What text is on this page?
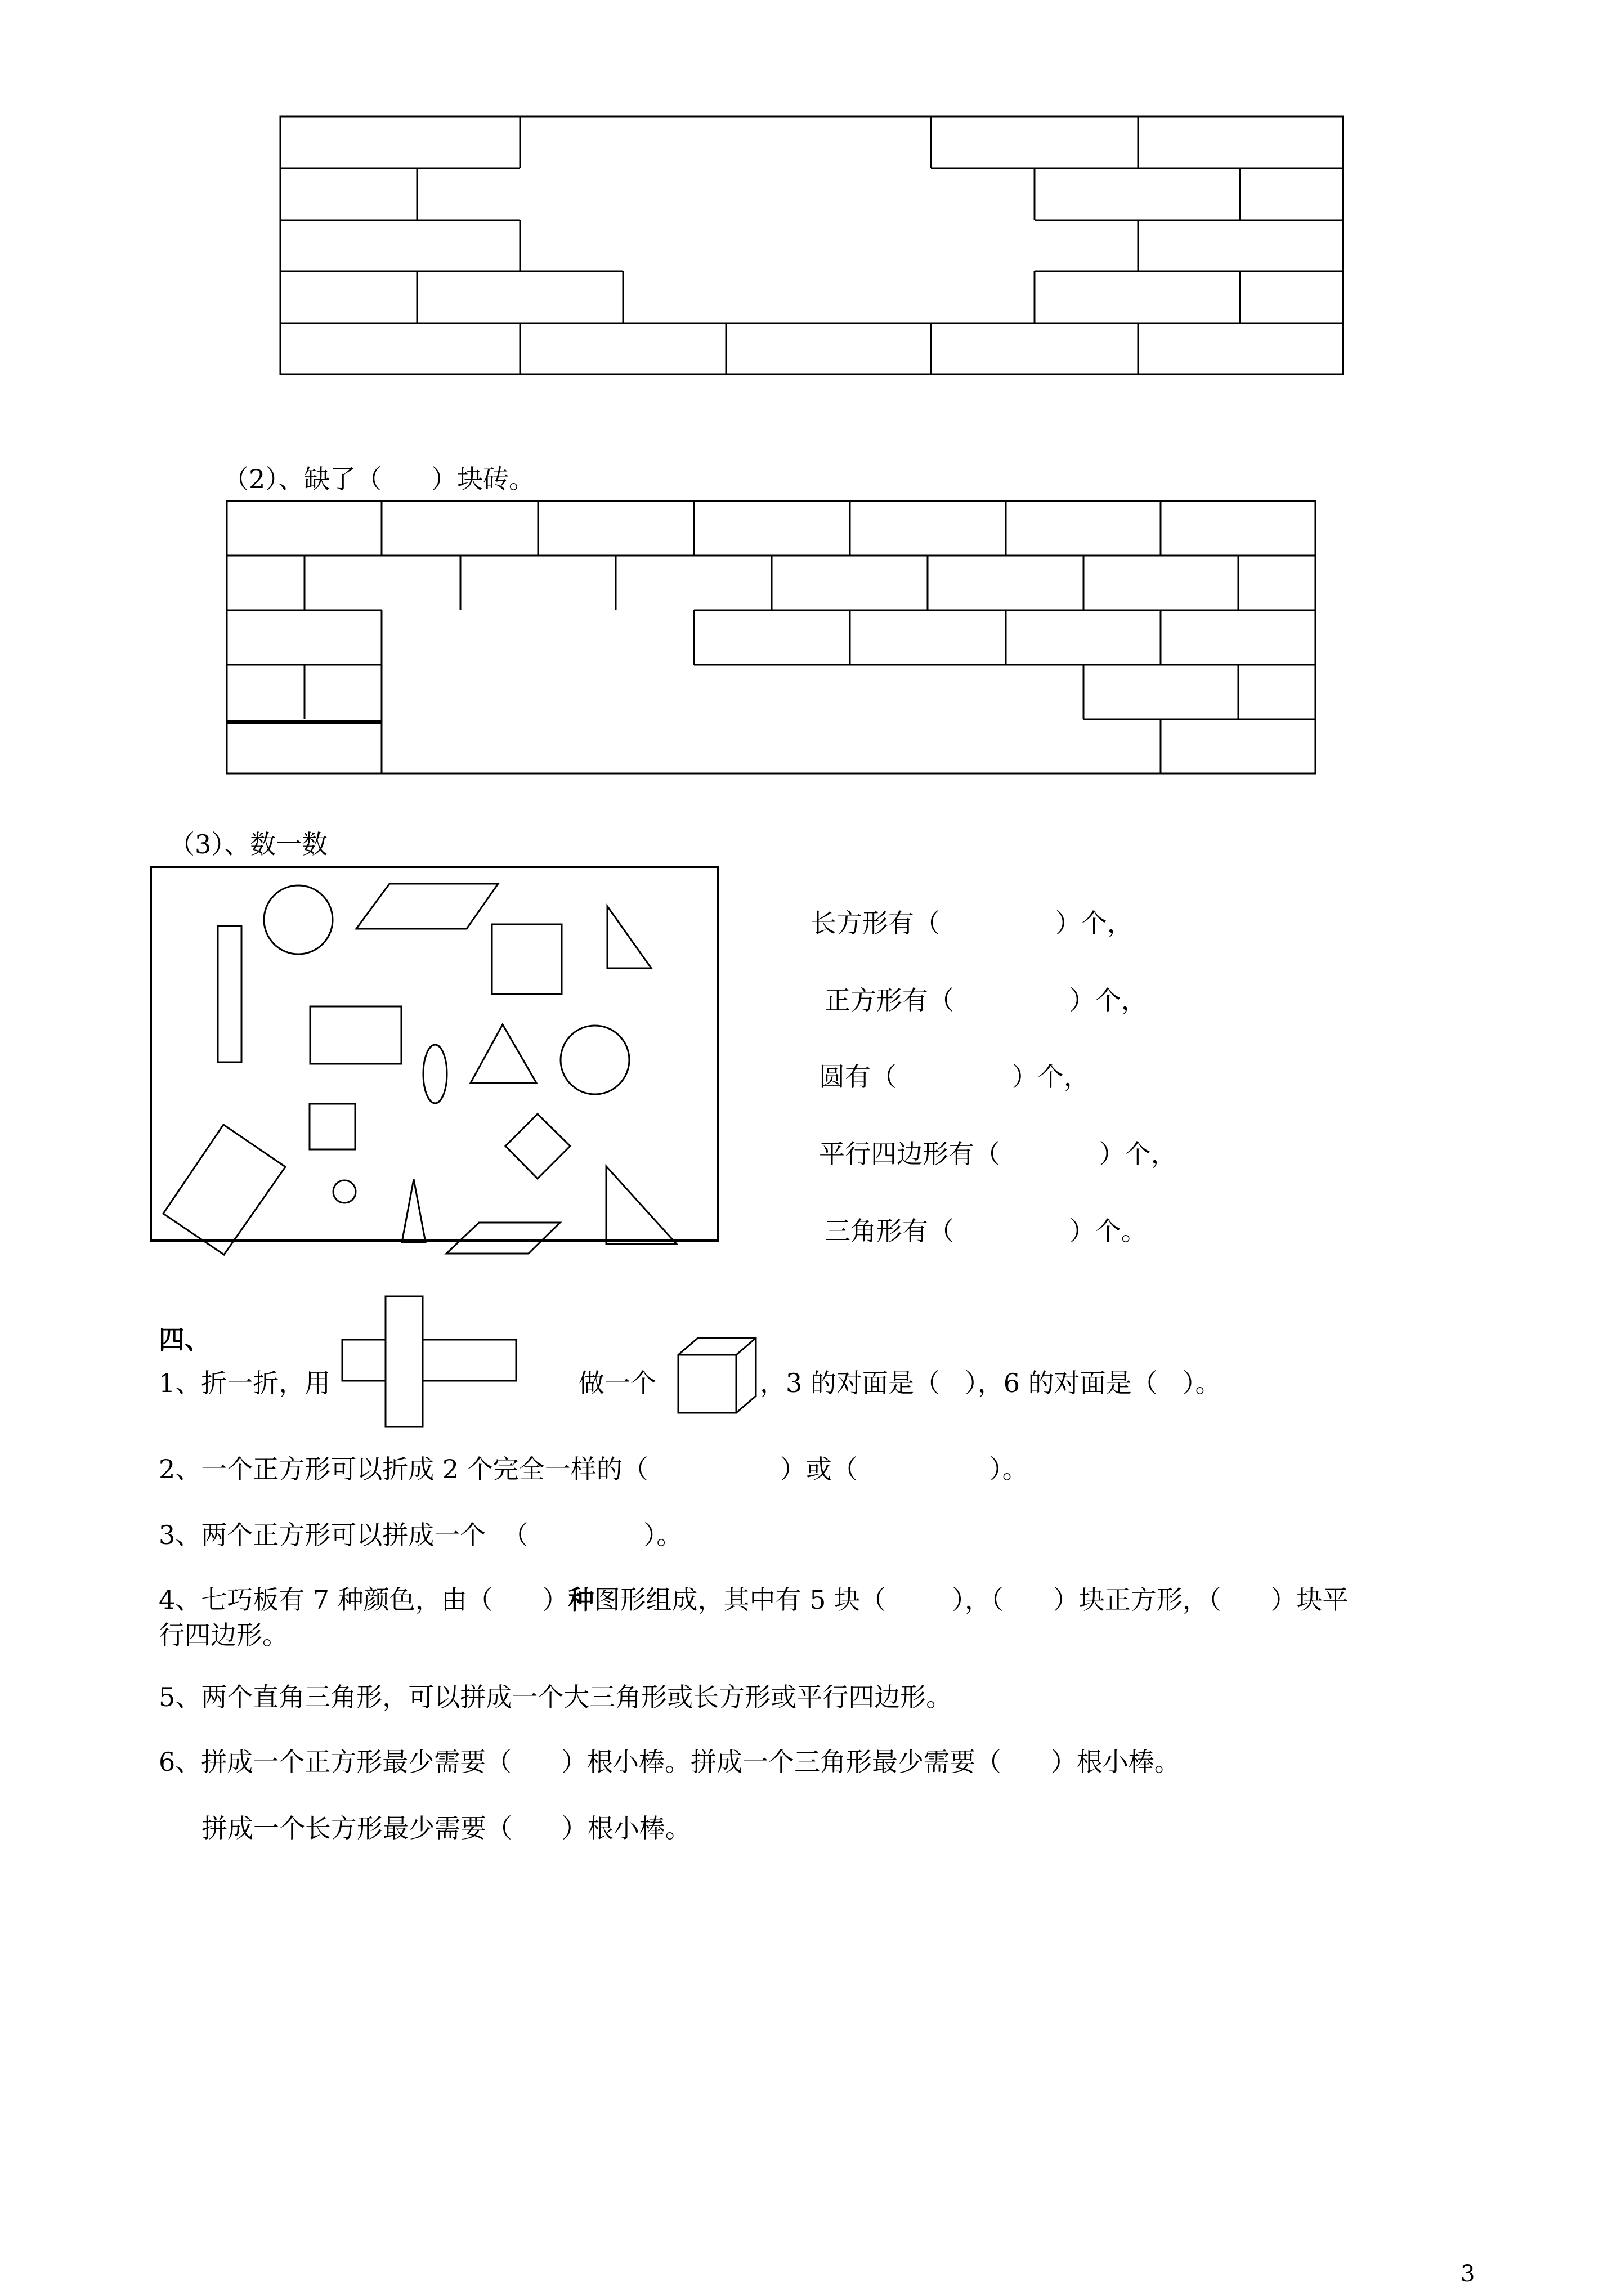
（2）、缺了（      ）块砖。
（3）、数一数
长方形有（              ）个，
正方形有（              ）个，
圆有（              ）个，
平行四边形有（            ）个，
三角形有（              ）个。
四、
1、折一折，用	做一个	，3 的对面是（   ），6 的对面是（   ）。
2、一个正方形可以折成 2 个完全一样的（                ）或（                ）。
3、两个正方形可以拼成一个  （              ）。
4、七巧板有 7 种颜色，由（      ）种图形组成，其中有 5 块（        ），（      ）块正方形，（      ）块平
行四边形。
5、两个直角三角形，可以拼成一个大三角形或长方形或平行四边形。
6、拼成一个正方形最少需要（      ）根小棒。拼成一个三角形最少需要（      ）根小棒。
拼成一个长方形最少需要（      ）根小棒。
3
